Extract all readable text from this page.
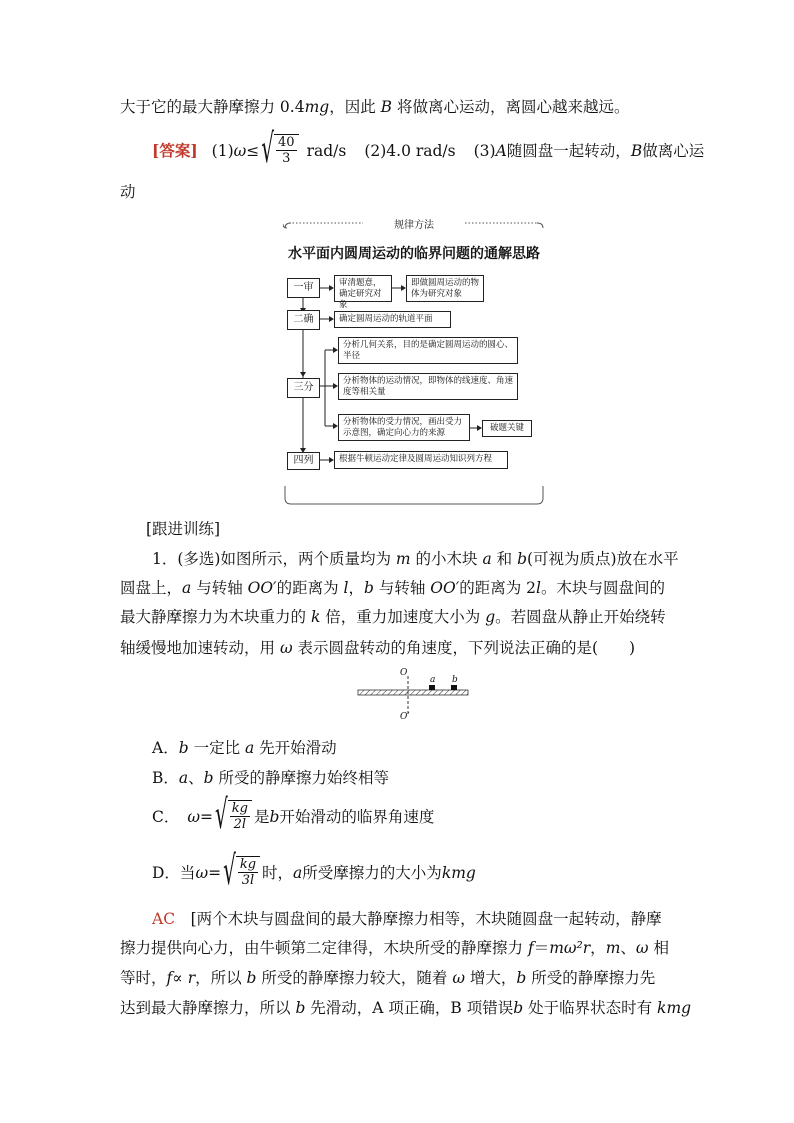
大于它的最大静摩擦力 0.4mg，因此 B 将做离心运动，离圆心越来越远。
[答案] (1) ω ≤ √ $\frac{40}{3} rad/s$ (2)4.0 rad/s (3) A 随圆盘一起转动， B 做离心运
动
规律方法
水平面内圆周运动的临界问题的通解思路
一审	审清题意，确定研究对象
即做圆周运动的物体为研究对象
二确	确定圆周运动的轨道平面
三分
分析几何关系，目的是确定圆周运动的圆心、半径
分析物体的运动情况，即物体的线速度、角速度等相关量
分析物体的受力情况，画出受力示意图，确定向心力的来源	破题关键
四列	根据牛顿运动定律及圆周运动知识列方程
[跟进训练]
1．(多选)如图所示，两个质量均为 m 的小木块 a 和 b(可视为质点)放在水平
圆盘上，a 与转轴 OO′的距离为 l，b 与转轴 OO′的距离为 2l。木块与圆盘间的
最大静摩擦力为木块重力的 k 倍，重力加速度大小为 g。若圆盘从静止开始绕转
轴缓慢地加速转动，用 ω 表示圆盘转动的角速度，下列说法正确的是(　　)
O
O′
a b
A．b 一定比 a 先开始滑动
B．a、b 所受的静摩擦力始终相等
C． ω = √ $\frac{kg}{2l}$ 是 b 开始滑动的临界角速度
D．当 ω = √ $\frac{kg}{3l}$ 时， a 所受摩擦力的大小为 kmg
AC　[两个木块与圆盘间的最大静摩擦力相等，木块随圆盘一起转动，静摩
擦力提供向心力，由牛顿第二定律得，木块所受的静摩擦力 f＝mω²r，m、ω 相
等时，f∝ r，所以 b 所受的静摩擦力较大，随着 ω 增大，b 所受的静摩擦力先
达到最大静摩擦力，所以 b 先滑动，A 项正确，B 项错误b 处于临界状态时有 kmg
